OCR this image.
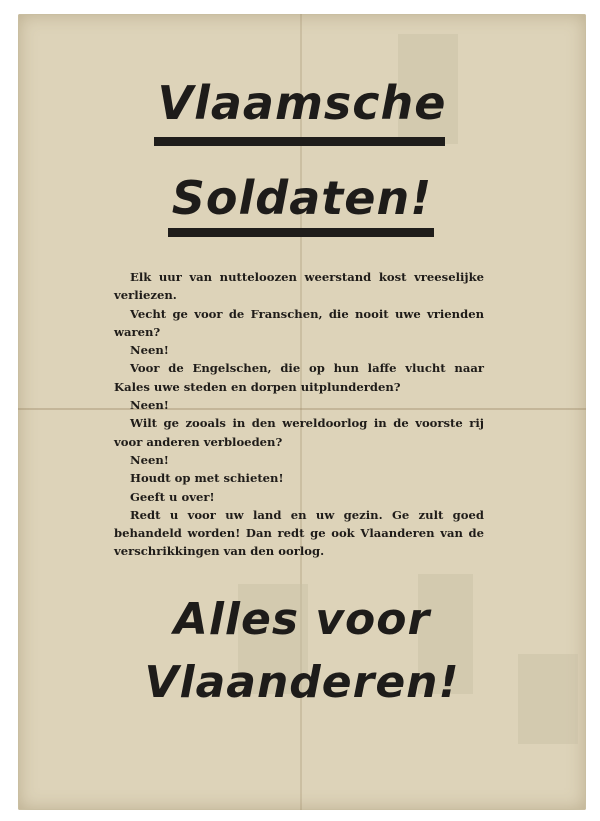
Vlaamsche
Soldaten!

Elk uur van nutteloozen weerstand kost vreeselijke verliezen.

Vecht ge voor de Franschen, die nooit uwe vrienden waren?

Neen!

Voor de Engelschen, die op hun laffe vlucht naar Kales uwe steden en dorpen uitplunderden?

Neen!

Wilt ge zooals in den wereldoorlog in de voorste rij voor anderen verbloeden?

Neen!

Houdt op met schieten!

Geeft u over!

Redt u voor uw land en uw gezin. Ge zult goed behandeld worden! Dan redt ge ook Vlaanderen van de verschrikkingen van den oorlog.

Alles voor
Vlaanderen!
